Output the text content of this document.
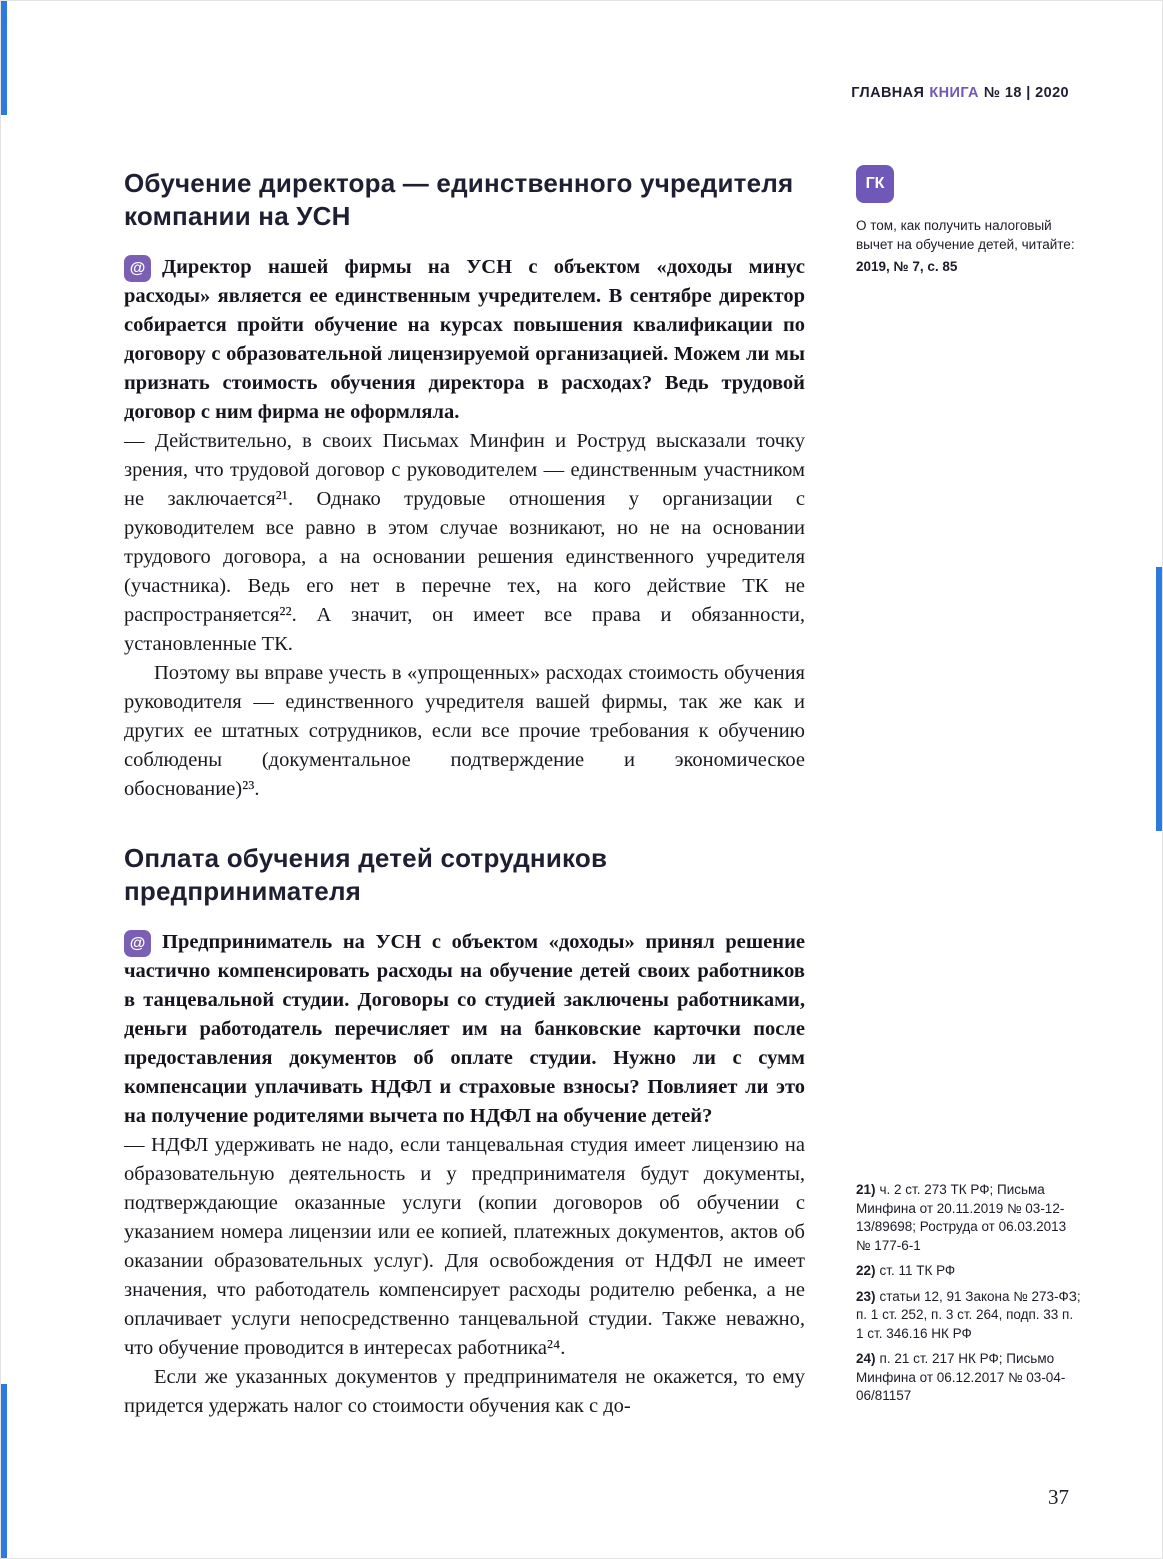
ГЛАВНАЯ КНИГА № 18 | 2020
Обучение директора — единственного учредителя компании на УСН
@ Директор нашей фирмы на УСН с объектом «доходы минус расходы» является ее единственным учредителем. В сентябре директор собирается пройти обучение на курсах повышения квалификации по договору с образовательной лицензируемой организацией. Можем ли мы признать стоимость обучения директора в расходах? Ведь трудовой договор с ним фирма не оформляла.

— Действительно, в своих Письмах Минфин и Роструд высказали точку зрения, что трудовой договор с руководителем — единственным участником не заключается²¹. Однако трудовые отношения у организации с руководителем все равно в этом случае возникают, но не на основании трудового договора, а на основании решения единственного учредителя (участника). Ведь его нет в перечне тех, на кого действие ТК не распространяется²². А значит, он имеет все права и обязанности, установленные ТК.

Поэтому вы вправе учесть в «упрощенных» расходах стоимость обучения руководителя — единственного учредителя вашей фирмы, так же как и других ее штатных сотрудников, если все прочие требования к обучению соблюдены (документальное подтверждение и экономическое обоснование)²³.

Оплата обучения детей сотрудников предпринимателя
@ Предприниматель на УСН с объектом «доходы» принял решение частично компенсировать расходы на обучение детей своих работников в танцевальной студии. Договоры со студией заключены работниками, деньги работодатель перечисляет им на банковские карточки после предоставления документов об оплате студии. Нужно ли с сумм компенсации уплачивать НДФЛ и страховые взносы? Повлияет ли это на получение родителями вычета по НДФЛ на обучение детей?

— НДФЛ удерживать не надо, если танцевальная студия имеет лицензию на образовательную деятельность и у предпринимателя будут документы, подтверждающие оказанные услуги (копии договоров об обучении с указанием номера лицензии или ее копией, платежных документов, актов об оказании образовательных услуг). Для освобождения от НДФЛ не имеет значения, что работодатель компенсирует расходы родителю ребенка, а не оплачивает услуги непосредственно танцевальной студии. Также неважно, что обучение проводится в интересах работника²⁴.

Если же указанных документов у предпринимателя не окажется, то ему придется удержать налог со стоимости обучения как с до-

ГК
О том, как получить налоговый вычет на обучение детей, читайте:
2019, № 7, с. 85
21) ч. 2 ст. 273 ТК РФ; Письма Минфина от 20.11.2019 № 03-12-13/89698; Роструда от 06.03.2013 № 177-6-1
22) ст. 11 ТК РФ
23) статьи 12, 91 Закона № 273-ФЗ; п. 1 ст. 252, п. 3 ст. 264, подп. 33 п. 1 ст. 346.16 НК РФ
24) п. 21 ст. 217 НК РФ; Письмо Минфина от 06.12.2017 № 03-04-06/81157
37
